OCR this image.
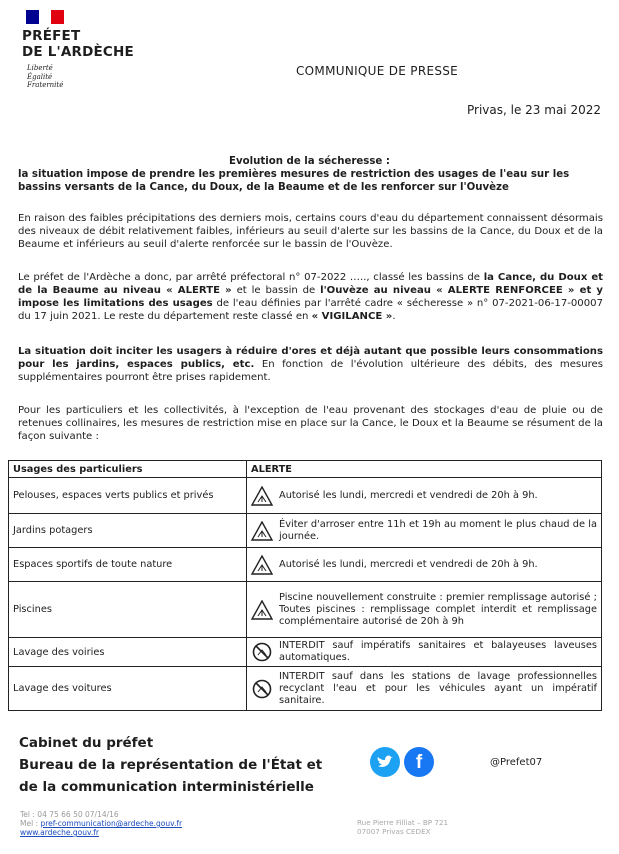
PRÉFET
DE L'ARDÈCHE
Liberté
Égalité
Fraternité
COMMUNIQUE DE PRESSE
Privas, le 23 mai 2022
Evolution de la sécheresse :
la situation impose de prendre les premières mesures de restriction des usages de l'eau sur les bassins versants de la Cance, du Doux, de la Beaume et de les renforcer sur l'Ouvèze
En raison des faibles précipitations des derniers mois, certains cours d'eau du département connaissent désormais des niveaux de débit relativement faibles, inférieurs au seuil d'alerte sur les bassins de la Cance, du Doux et de la Beaume et inférieurs au seuil d'alerte renforcée sur le bassin de l'Ouvèze.
Le préfet de l'Ardèche a donc, par arrêté préfectoral n° 07-2022 ….., classé les bassins de la Cance, du Doux et de la Beaume au niveau « ALERTE » et le bassin de l'Ouvèze au niveau « ALERTE RENFORCEE » et y impose les limitations des usages de l'eau définies par l'arrêté cadre « sécheresse » n° 07-2021-06-17-00007 du 17 juin 2021. Le reste du département reste classé en « VIGILANCE ».
La situation doit inciter les usagers à réduire d'ores et déjà autant que possible leurs consommations pour les jardins, espaces publics, etc. En fonction de l'évolution ultérieure des débits, des mesures supplémentaires pourront être prises rapidement.
Pour les particuliers et les collectivités, à l'exception de l'eau provenant des stockages d'eau de pluie ou de retenues collinaires, les mesures de restriction mise en place sur la Cance, le Doux et la Beaume se résument de la façon suivante :
Usages des particuliers	ALERTE
Pelouses, espaces verts publics et privés	Autorisé les lundi, mercredi et vendredi de 20h à 9h.

Jardins potagers	Éviter d'arroser entre 11h et 19h au moment le plus chaud de la journée.

Espaces sportifs de toute nature	Autorisé les lundi, mercredi et vendredi de 20h à 9h.

Piscines	Piscine nouvellement construite : premier remplissage autorisé ; Toutes piscines : remplissage complet interdit et remplissage complémentaire autorisé de 20h à 9h

Lavage des voiries	INTERDIT sauf impératifs sanitaires et balayeuses laveuses automatiques.

Lavage des voitures	INTERDIT sauf dans les stations de lavage professionnelles recyclant l'eau et pour les véhicules ayant un impératif sanitaire.
Cabinet du préfet
Bureau de la représentation de l'État et
de la communication interministérielle
f	@Prefet07
Tel : 04 75 66 50 07/14/16
Mel : pref-communication@ardeche.gouv.fr
www.ardeche.gouv.fr
Rue Pierre Filliat – BP 721
07007 Privas CEDEX
